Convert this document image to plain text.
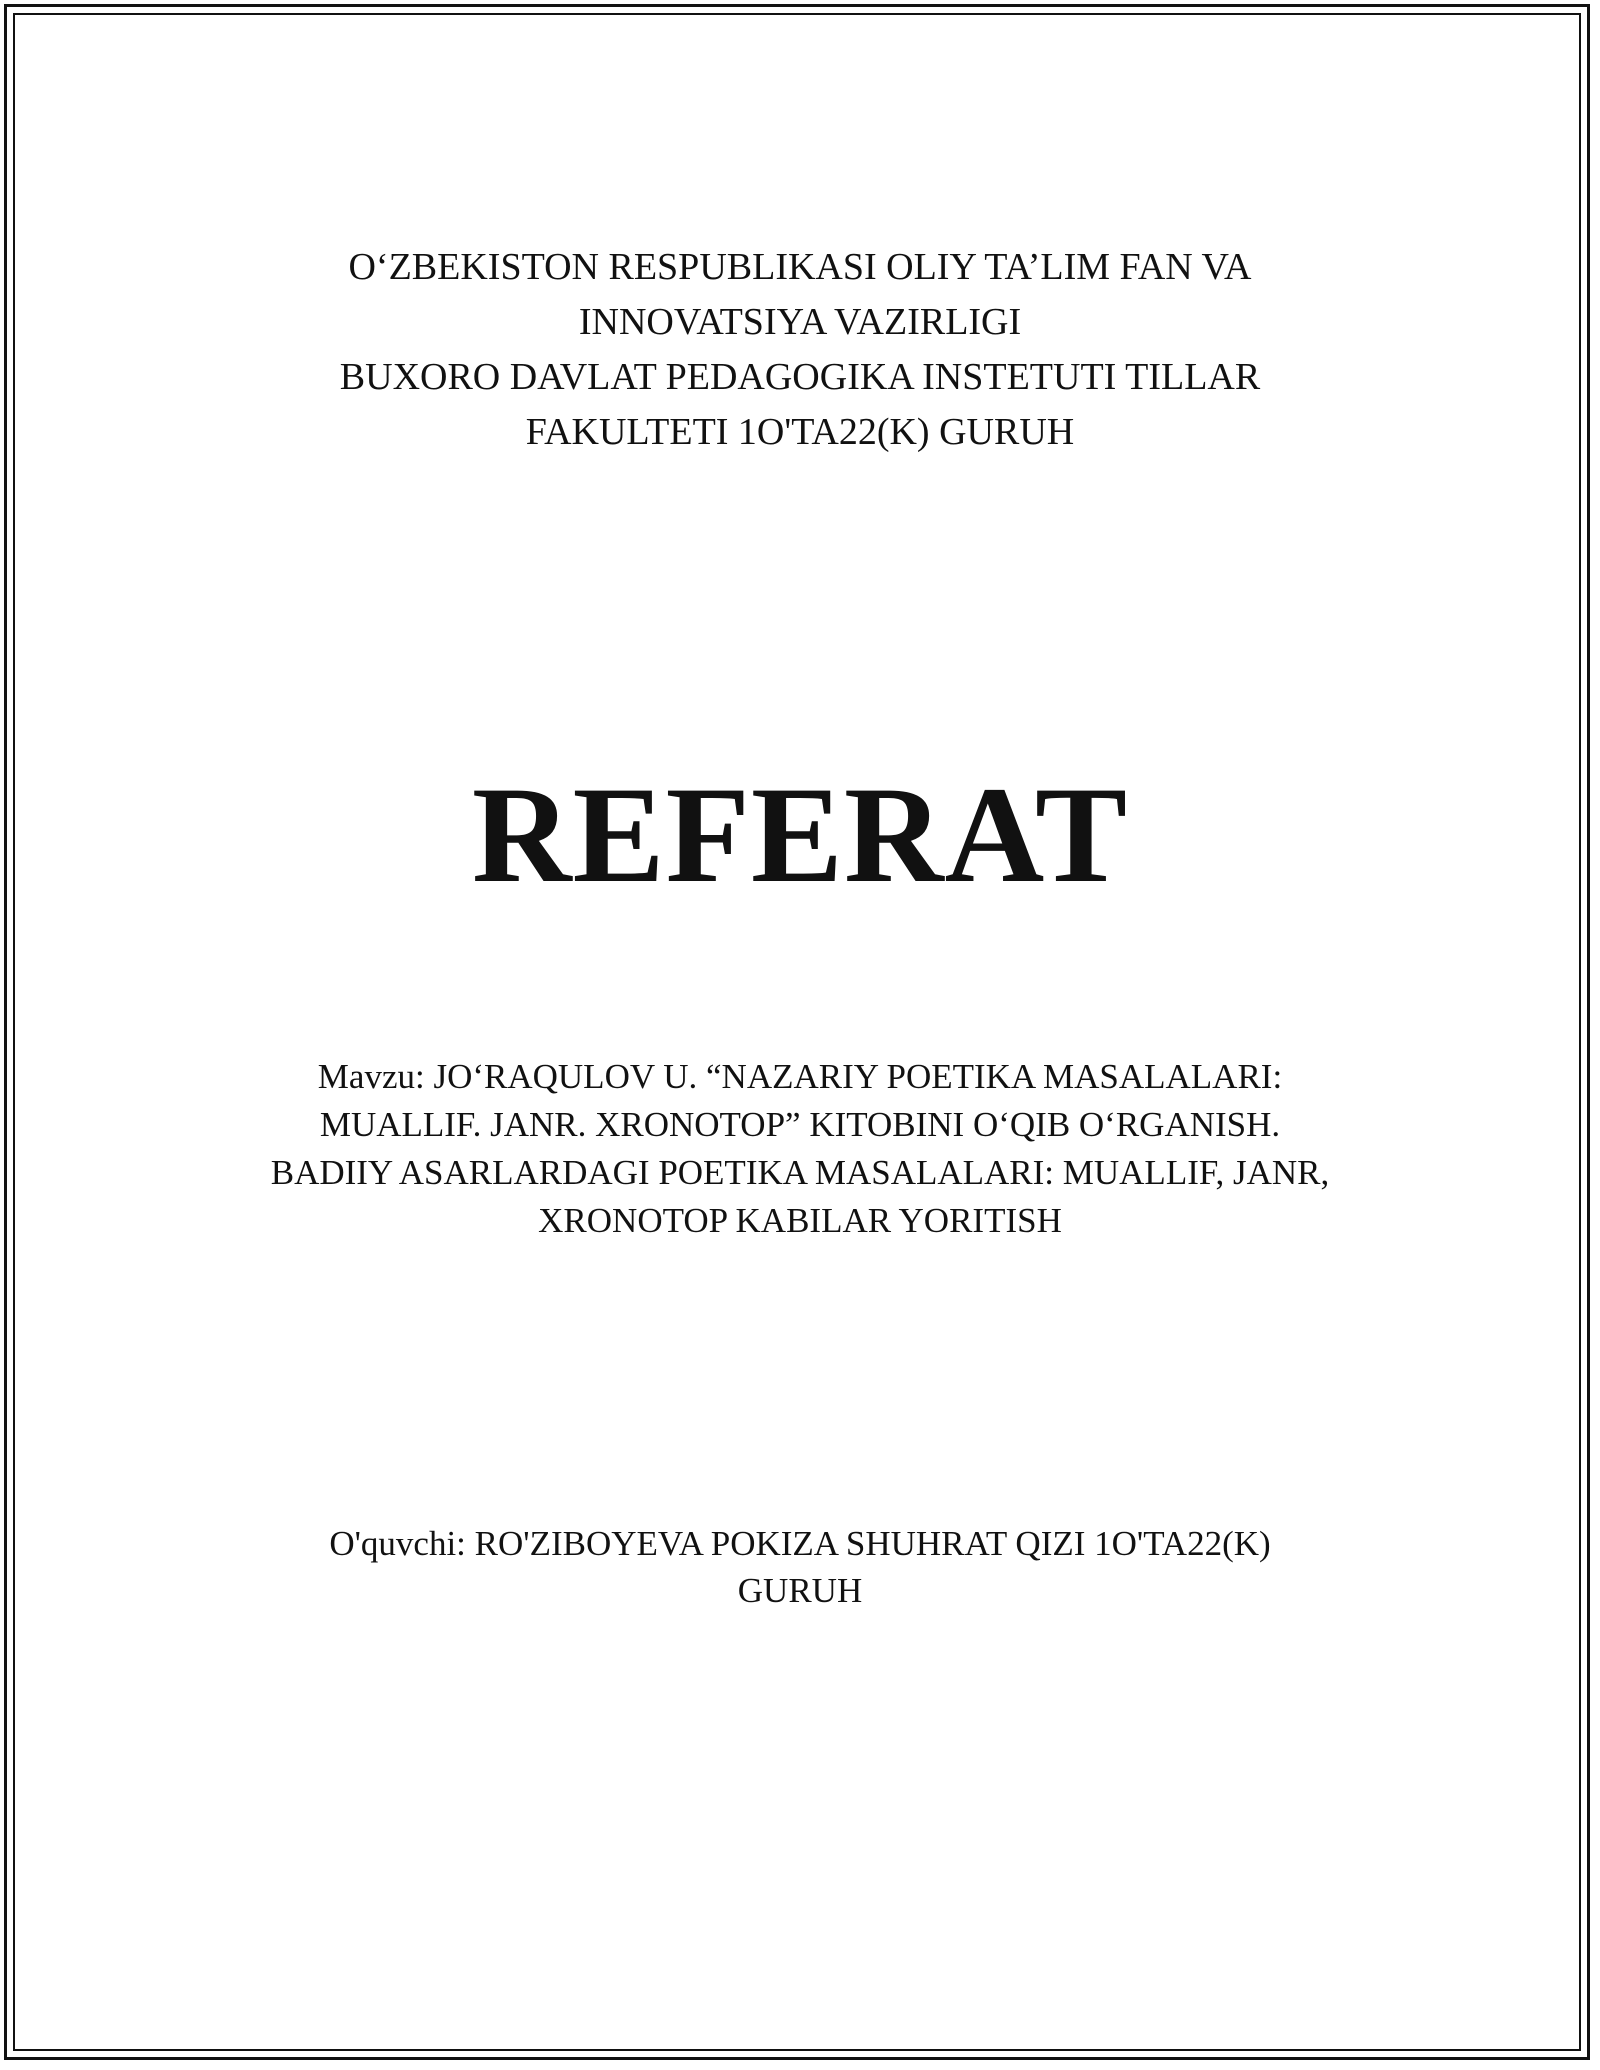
O‘ZBEKISTON RESPUBLIKASI OLIY TA’LIM FAN VA
INNOVATSIYA VAZIRLIGI
BUXORO DAVLAT PEDAGOGIKA INSTETUTI TILLAR
FAKULTETI 1O'TA22(K) GURUH
REFERAT
Mavzu: JO‘RAQULOV U. “NAZARIY POETIKA MASALALARI:
MUALLIF. JANR. XRONOTOP” KITOBINI O‘QIB O‘RGANISH.
BADIIY ASARLARDAGI POETIKA MASALALARI: MUALLIF, JANR,
XRONOTOP KABILAR YORITISH
O'quvchi: RO'ZIBOYEVA POKIZA SHUHRAT QIZI 1O'TA22(K)
GURUH
